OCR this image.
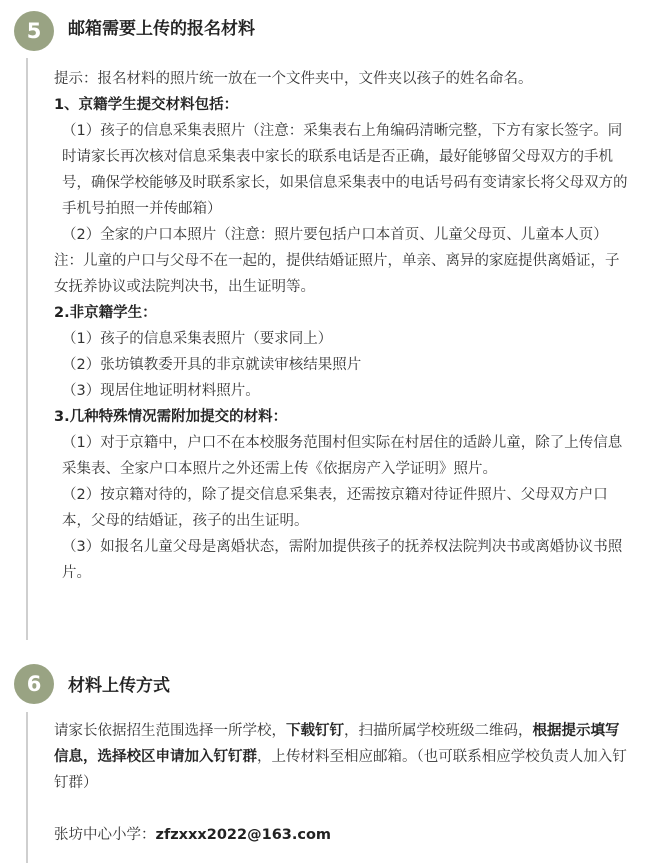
5 邮箱需要上传的报名材料

提示：报名材料的照片统一放在一个文件夹中，文件夹以孩子的姓名命名。

1、京籍学生提交材料包括：

（1）孩子的信息采集表照片（注意：采集表右上角编码清晰完整，下方有家长签字。同时请家长再次核对信息采集表中家长的联系电话是否正确，最好能够留父母双方的手机号，确保学校能够及时联系家长，如果信息采集表中的电话号码有变请家长将父母双方的手机号拍照一并传邮箱）

（2）全家的户口本照片（注意：照片要包括户口本首页、儿童父母页、儿童本人页）

注：儿童的户口与父母不在一起的，提供结婚证照片，单亲、离异的家庭提供离婚证，子女抚养协议或法院判决书，出生证明等。

2.非京籍学生：

（1）孩子的信息采集表照片（要求同上）

（2）张坊镇教委开具的非京就读审核结果照片

（3）现居住地证明材料照片。

3.几种特殊情况需附加提交的材料：

（1）对于京籍中，户口不在本校服务范围村但实际在村居住的适龄儿童，除了上传信息采集表、全家户口本照片之外还需上传《依据房产入学证明》照片。

（2）按京籍对待的，除了提交信息采集表，还需按京籍对待证件照片、父母双方户口本，父母的结婚证，孩子的出生证明。

（3）如报名儿童父母是离婚状态，需附加提供孩子的抚养权法院判决书或离婚协议书照片。

6 材料上传方式

请家长依据招生范围选择一所学校，下载钉钉，扫描所属学校班级二维码，根据提示填写信息，选择校区申请加入钉钉群，上传材料至相应邮箱。（也可联系相应学校负责人加入钉钉群）

张坊中心小学：zfzxxx2022@163.com
